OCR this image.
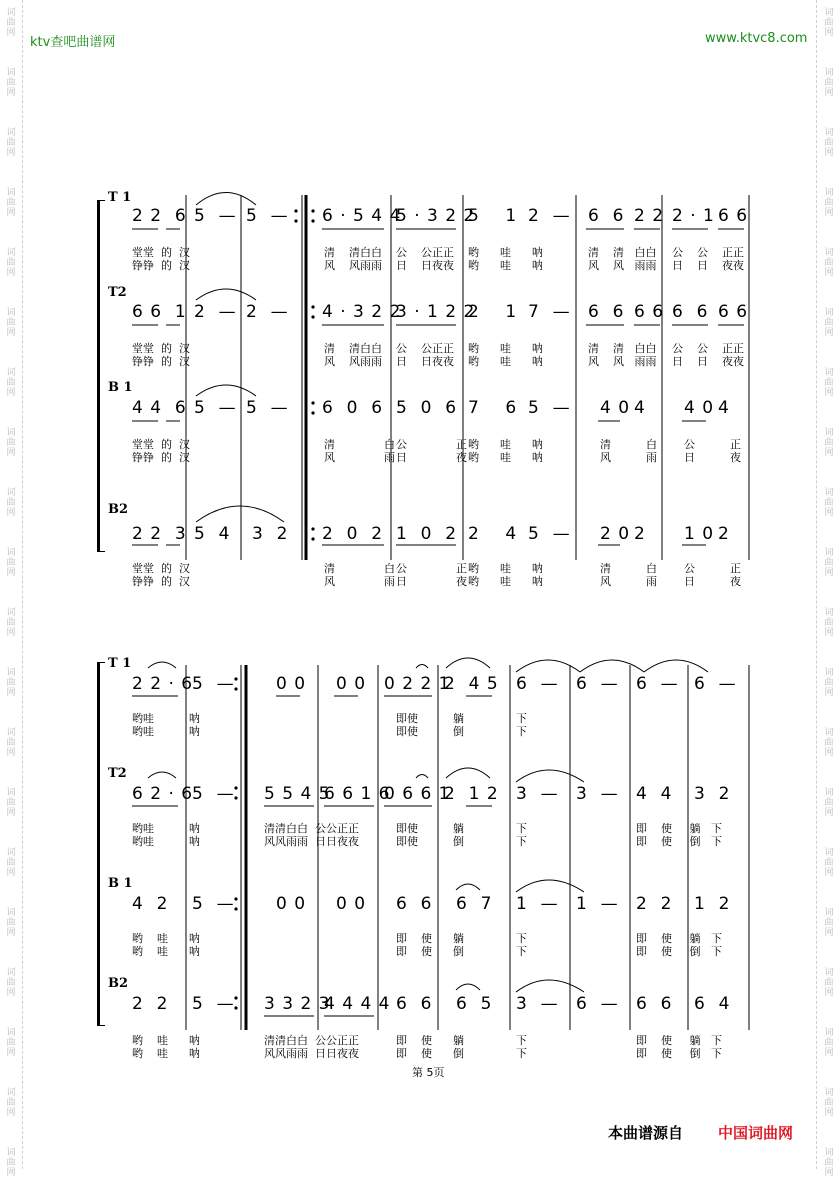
词
曲
网
词
曲
网
词
曲
网
词
曲
网
词
曲
网
词
曲
网
词
曲
网
词
曲
网
词
曲
网
词
曲
网
词
曲
网
词
曲
网
词
曲
网
词
曲
网
词
曲
网
词
曲
网
词
曲
网
词
曲
网
词
曲
网
词
曲
网
词
曲
网
词
曲
网
词
曲
网
词
曲
网
词
曲
网
词
曲
网
词
曲
网
词
曲
网
词
曲
网
词
曲
网
词
曲
网
词
曲
网
词
曲
网
词
曲
网
词
曲
网
词
曲
网
词
曲
网
词
曲
网
词
曲
网
词
曲
网
ktv查吧曲谱网	www.ktvc8.com
T 1
2 2  6 5  — 5  — 6 · 5 4 4
5 · 3 2 2
5    1 2  — 6  6 2 2 2 · 1 6 6
堂堂  的  汉
铮铮  的  汉
清    清白白
风    风雨雨
公    公正正
日    日夜夜
哟      哇      呐
哟      哇      呐
清    清   白白
风    风   雨雨
公    公    正正
日    日    夜夜
T2
6 6  1 2  — 2  — 4 · 3 2 2
3 · 1 2 2
2    1 7  — 6  6 6 6 6  6 6 6
堂堂  的  汉
铮铮  的  汉
清    清白白
风    风雨雨
公    公正正
日    日夜夜
哟      哇      呐
哟      哇      呐
清    清   白白
风    风   雨雨
公    公    正正
日    日    夜夜
B 1
4 4  6 5  — 5  — 6  0  6 5  0  6 7    6 5  — 4 0 4 4 0 4
堂堂  的  汉
铮铮  的  汉
清              白
风              雨
公              正
日              夜
哟      哇      呐
哟      哇      呐
清          白
风          雨
公          正
日          夜
B2
2 2  3 5  4 3  2 2  0  2 1  0  2 2    4 5  — 2 0 2 1 0 2
堂堂  的  汉
铮铮  的  汉
清              白
风              雨
公              正
日              夜
哟      哇      呐
哟      哇      呐
清          白
风          雨
公          正
日          夜
T 1
2 2 · 6
5  — 0 0 0 0 0 2 2 1
2  4 5 6  — 6  — 6  — 6  —
哟哇          呐
哟哇          呐
即使          躺
即使          倒
下
下
T2
6 2 · 6
5  — 5 5 4 5
6 6 1 6
0 6 6 1
2  1 2 3  — 3  — 4  4 3  2
哟哇          呐
哟哇          呐
清清白白  公公正正
风风雨雨  日日夜夜
即使          躺
即使          倒
下
下
即    使     躺   下
即    使     倒   下
B 1
4  2 5  — 0 0 0 0 6  6 6  7 1  — 1  — 2  2 1  2
哟    哇      呐
哟    哇      呐
即    使      躺
即    使      倒
下
下
即    使     躺   下
即    使     倒   下
B2
2  2 5  — 3 3 2 3
4 4 4 4 6  6 6  5 3  — 6  — 6  6 6  4
哟    哇      呐
哟    哇      呐
清清白白  公公正正
风风雨雨  日日夜夜
即    使      躺
即    使      倒
下
下
即    使     躺   下
即    使     倒   下
第 5页
本曲谱源自 中国词曲网
